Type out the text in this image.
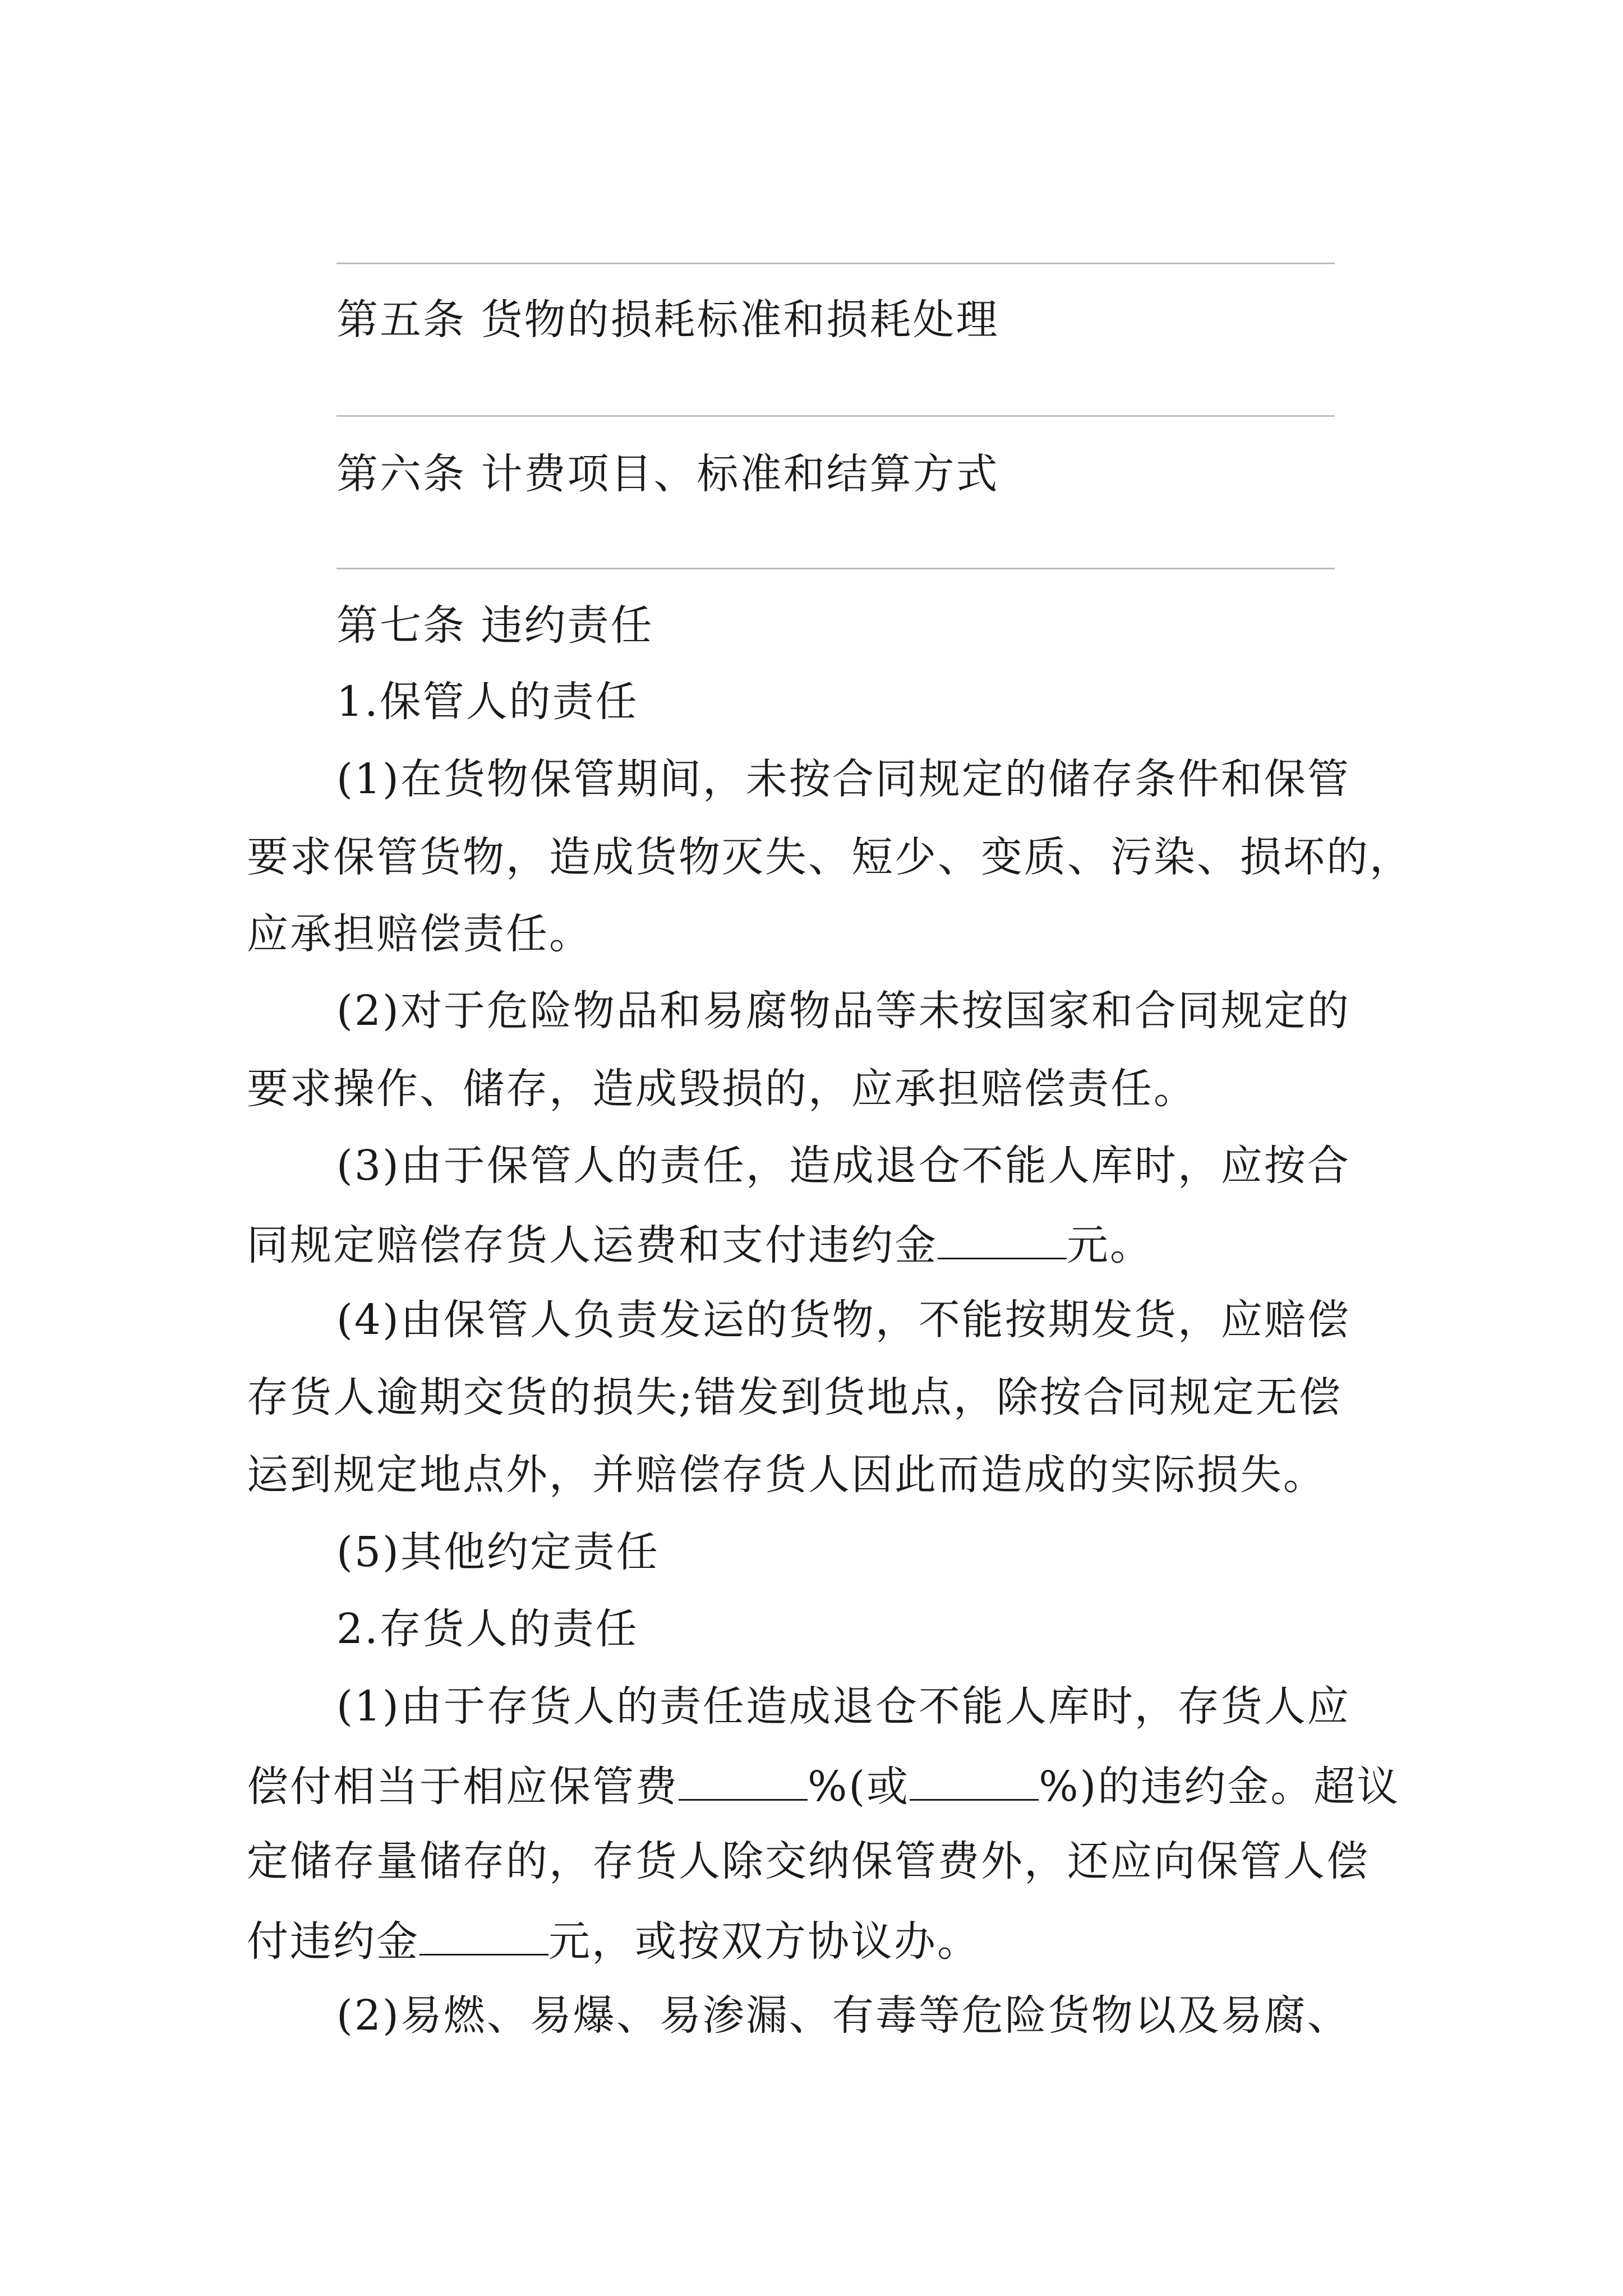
第五条 货物的损耗标准和损耗处理
第六条 计费项目、标准和结算方式
第七条 违约责任
1.保管人的责任
(1)在货物保管期间，未按合同规定的储存条件和保管
要求保管货物，造成货物灭失、短少、变质、污染、损坏的，
应承担赔偿责任。
(2)对于危险物品和易腐物品等未按国家和合同规定的
要求操作、储存，造成毁损的，应承担赔偿责任。
(3)由于保管人的责任，造成退仓不能人库时，应按合
同规定赔偿存货人运费和支付违约金	元。
(4)由保管人负责发运的货物，不能按期发货，应赔偿
存货人逾期交货的损失;错发到货地点，除按合同规定无偿
运到规定地点外，并赔偿存货人因此而造成的实际损失。
(5)其他约定责任
2.存货人的责任
(1)由于存货人的责任造成退仓不能人库时，存货人应
偿付相当于相应保管费	%(或	%)的违约金。超议
定储存量储存的，存货人除交纳保管费外，还应向保管人偿
付违约金	元，或按双方协议办。
(2)易燃、易爆、易渗漏、有毒等危险货物以及易腐、
